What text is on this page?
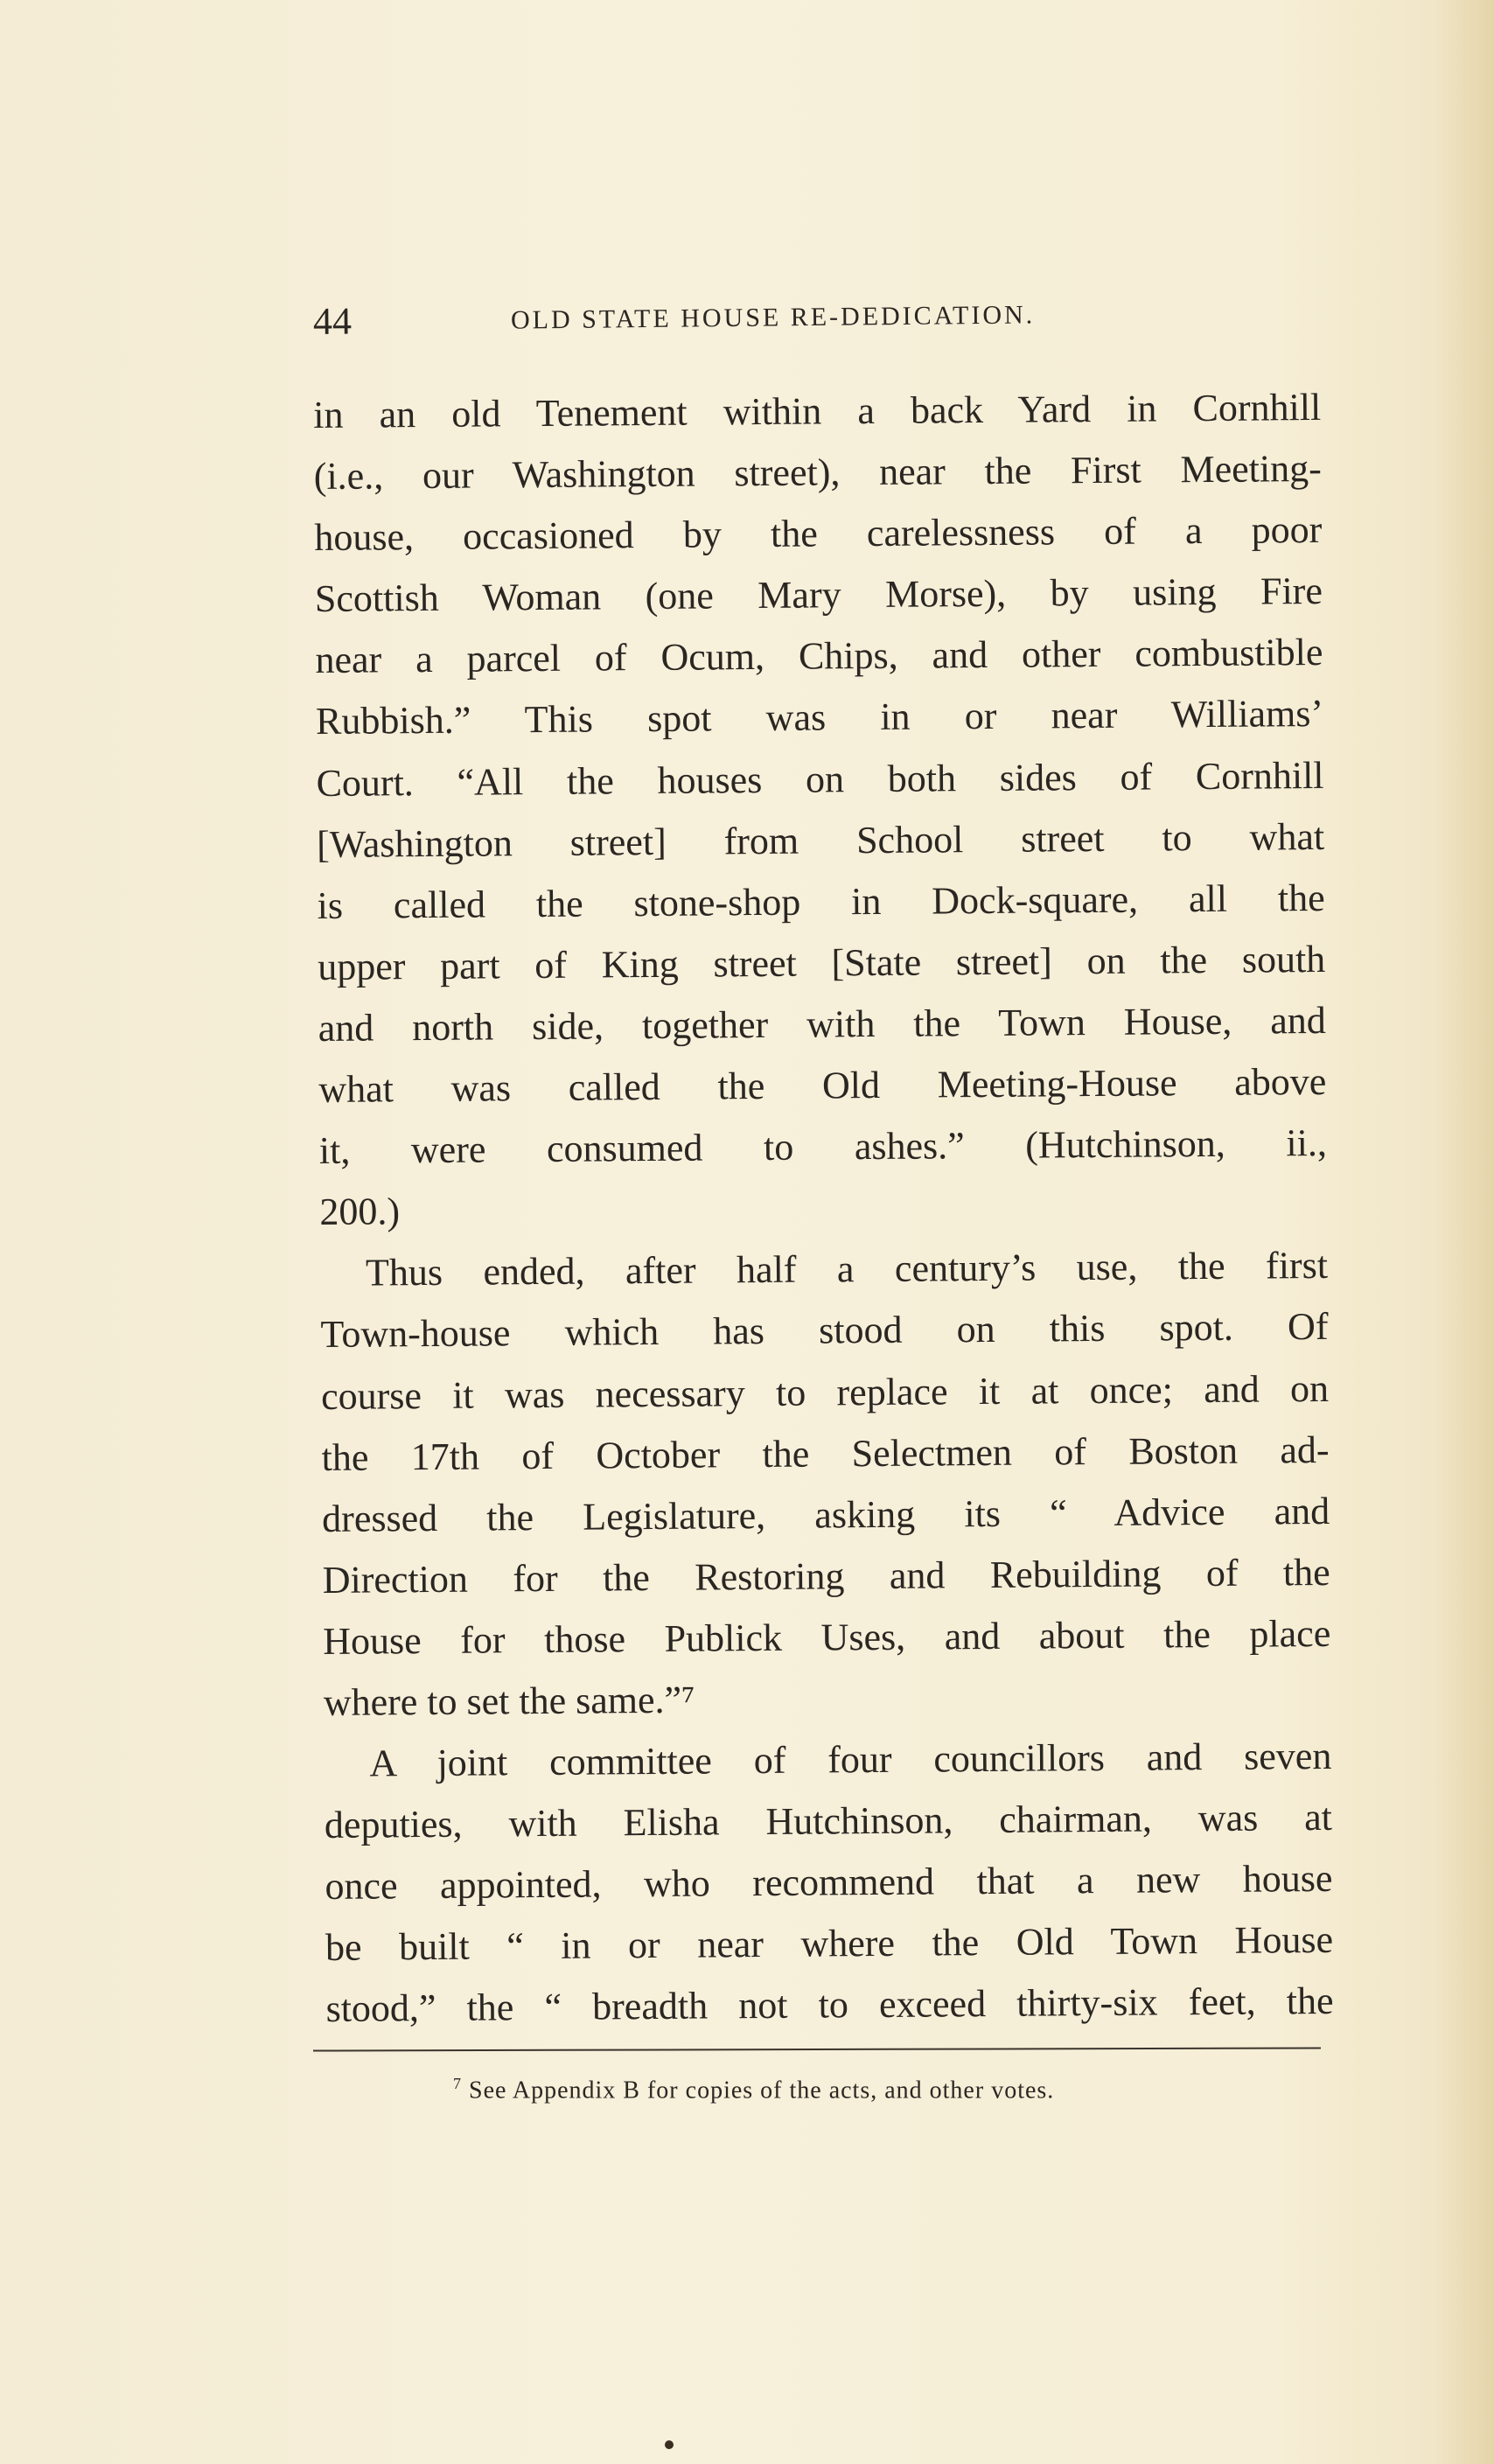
44	OLD STATE HOUSE RE-DEDICATION.
in an old Tenement within a back Yard in Cornhill
(i.e., our Washington street), near the First Meeting-
house, occasioned by the carelessness of a poor
Scottish Woman (one Mary Morse), by using Fire
near a parcel of Ocum, Chips, and other combustible
Rubbish.” This spot was in or near Williams’
Court. “All the houses on both sides of Cornhill
[Washington street] from School street to what
is called the stone-shop in Dock-square, all the
upper part of King street [State street] on the south
and north side, together with the Town House, and
what was called the Old Meeting-House above
it, were consumed to ashes.” (Hutchinson, ii.,
200.)
Thus ended, after half a century’s use, the first
Town-house which has stood on this spot. Of
course it was necessary to replace it at once; and on
the 17th of October the Selectmen of Boston ad-
dressed the Legislature, asking its “ Advice and
Direction for the Restoring and Rebuilding of the
House for those Publick Uses, and about the place
where to set the same.”⁷
A joint committee of four councillors and seven
deputies, with Elisha Hutchinson, chairman, was at
once appointed, who recommend that a new house
be built “ in or near where the Old Town House
stood,” the “ breadth not to exceed thirty-six feet, the
$^7$ See Appendix B for copies of the acts, and other votes.
